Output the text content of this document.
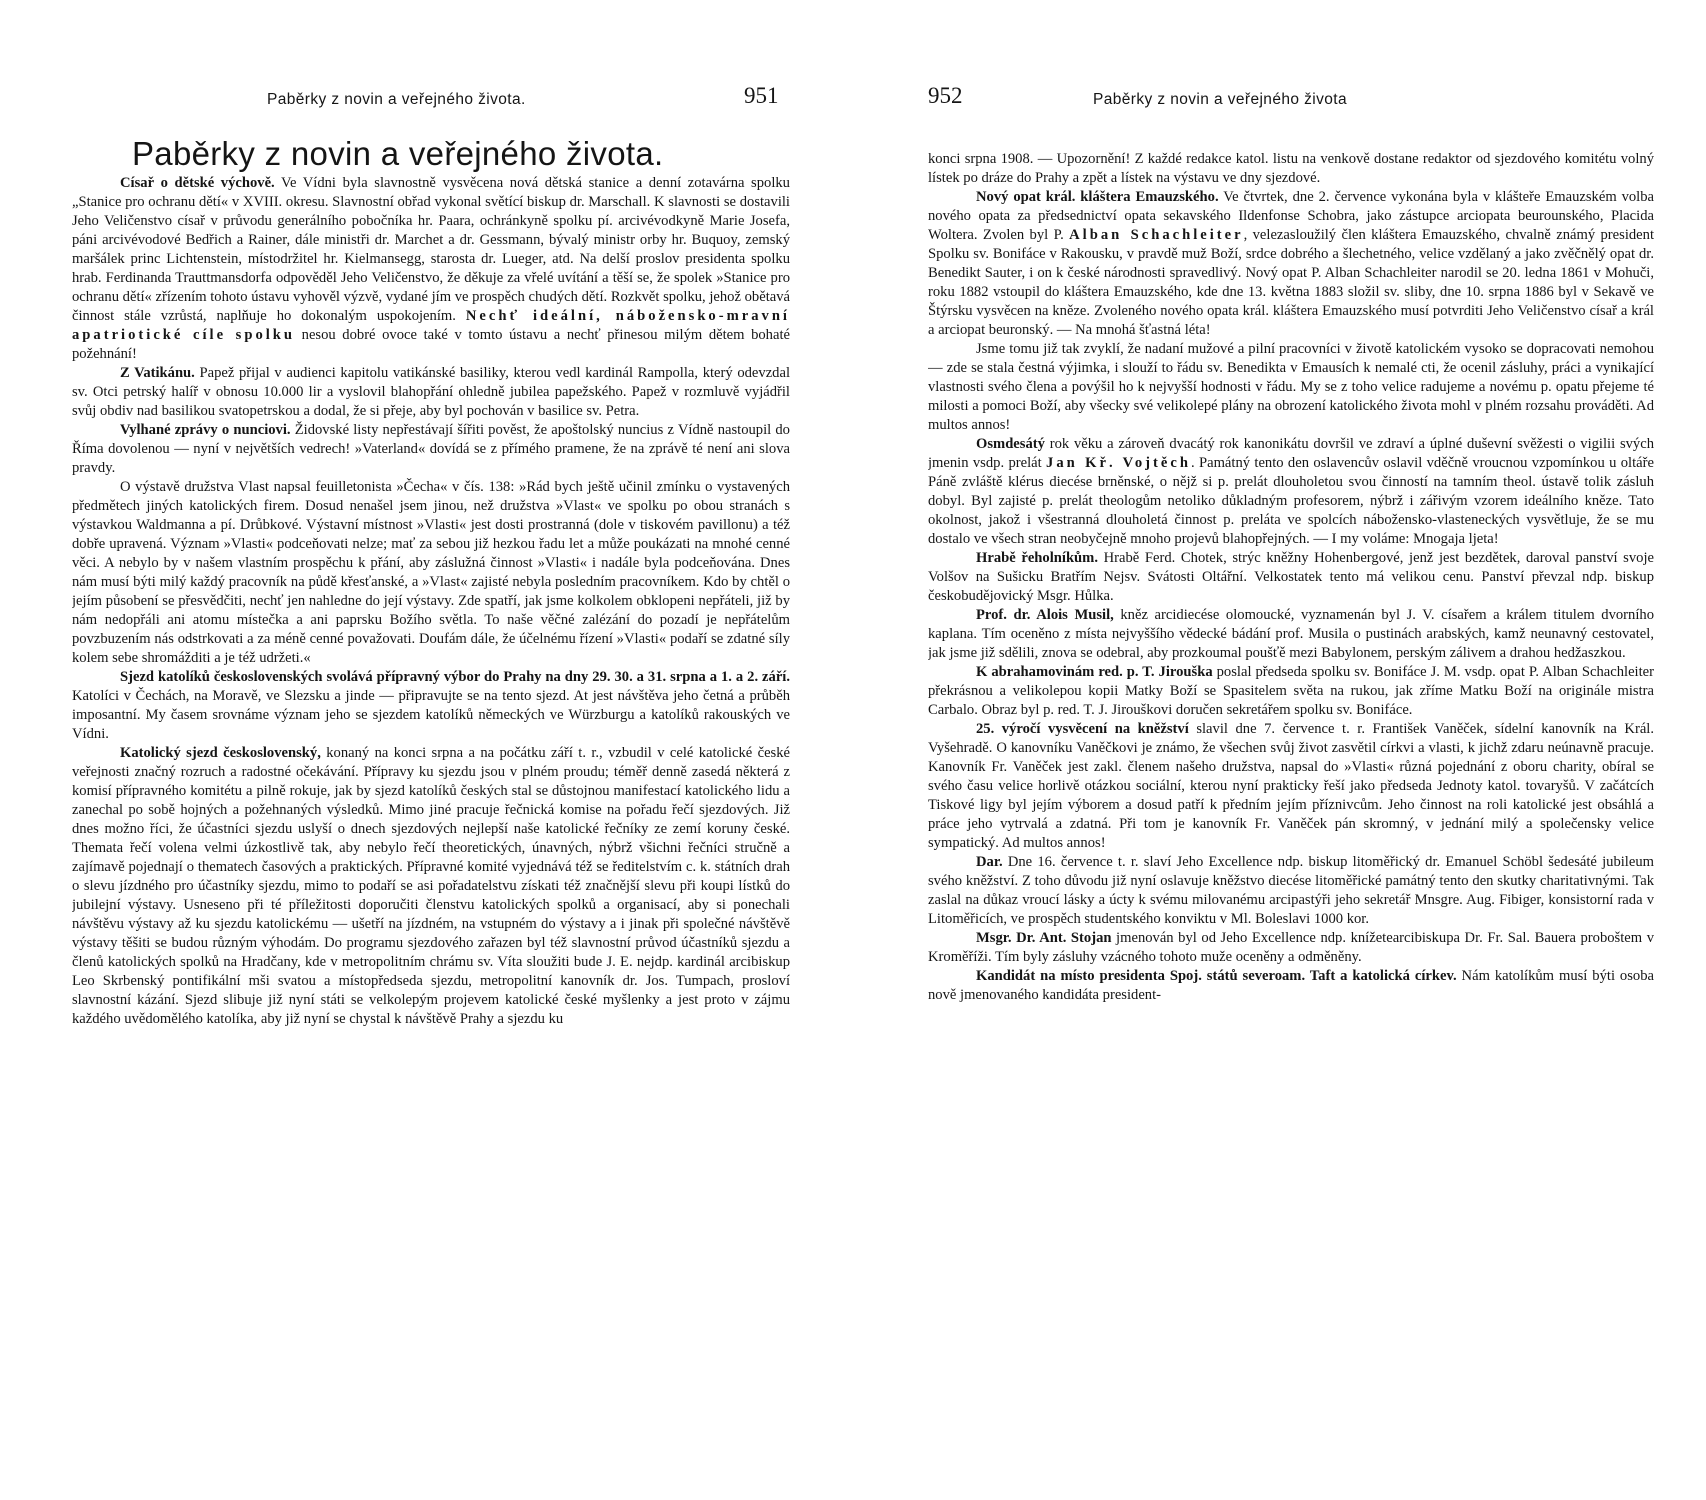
Paběrky z novin a veřejného života.	951
Paběrky z novin a veřejného života.

Císař o dětské výchově. Ve Vídni byla slavnostně vysvěcena nová dětská stanice a denní zotavárna spolku „Stanice pro ochranu dětí« v XVIII. okresu. Slavnostní obřad vykonal světící biskup dr. Marschall. K slavnosti se dostavili Jeho Veličenstvo císař v průvodu generálního pobočníka hr. Paara, ochránkyně spolku pí. arcivévodkyně Marie Josefa, páni arcivévodové Bedřich a Rainer, dále ministři dr. Marchet a dr. Gessmann, bývalý ministr orby hr. Buquoy, zemský maršálek princ Lichtenstein, místodržitel hr. Kielmansegg, starosta dr. Lueger, atd. Na delší proslov presidenta spolku hrab. Ferdinanda Trauttmansdorfa odpověděl Jeho Veličenstvo, že děkuje za vřelé uvítání a těší se, že spolek »Stanice pro ochranu dětí« zřízením tohoto ústavu vyhověl výzvě, vydané jím ve prospěch chudých dětí. Rozkvět spolku, jehož obětavá činnost stále vzrůstá, naplňuje ho dokonalým uspokojením. Nechť ideální, nábožensko-mravní apatriotické cíle spolku nesou dobré ovoce také v tomto ústavu a nechť přinesou milým dětem bohaté požehnání!

Z Vatikánu. Papež přijal v audienci kapitolu vatikánské basiliky, kterou vedl kardinál Rampolla, který odevzdal sv. Otci petrský halíř v obnosu 10.000 lir a vyslovil blahopřání ohledně jubilea papežského. Papež v rozmluvě vyjádřil svůj obdiv nad basilikou svatopetrskou a dodal, že si přeje, aby byl pochován v basilice sv. Petra.

Vylhané zprávy o nunciovi. Židovské listy nepřestávají šířiti pověst, že apoštolský nuncius z Vídně nastoupil do Říma dovolenou — nyní v největších vedrech! »Vaterland« dovídá se z přímého pramene, že na zprávě té není ani slova pravdy.

O výstavě družstva Vlast napsal feuilletonista »Čecha« v čís. 138: »Rád bych ještě učinil zmínku o vystavených předmětech jiných katolických firem. Dosud nenašel jsem jinou, než družstva »Vlast« ve spolku po obou stranách s výstavkou Waldmanna a pí. Drůbkové. Výstavní místnost »Vlasti« jest dosti prostranná (dole v tiskovém pavillonu) a též dobře upravená. Význam »Vlasti« podceňovati nelze; mať za sebou již hezkou řadu let a může poukázati na mnohé cenné věci. A nebylo by v našem vlastním prospěchu k přání, aby záslužná činnost »Vlasti« i nadále byla podceňována. Dnes nám musí býti milý každý pracovník na půdě křesťanské, a »Vlast« zajisté nebyla posledním pracovníkem. Kdo by chtěl o jejím působení se přesvědčiti, nechť jen nahledne do její výstavy. Zde spatří, jak jsme kolkolem obklopeni nepřáteli, již by nám nedopřáli ani atomu místečka a ani paprsku Božího světla. To naše věčné zalézání do pozadí je nepřátelům povzbuzením nás odstrkovati a za méně cenné považovati. Doufám dále, že účelnému řízení »Vlasti« podaří se zdatné síly kolem sebe shromážditi a je též udržeti.«

Sjezd katolíků československých svolává přípravný výbor do Prahy na dny 29. 30. a 31. srpna a 1. a 2. září. Katolíci v Čechách, na Moravě, ve Slezsku a jinde — připravujte se na tento sjezd. At jest návštěva jeho četná a průběh imposantní. My časem srovnáme význam jeho se sjezdem katolíků německých ve Würzburgu a katolíků rakouských ve Vídni.

Katolický sjezd československý, konaný na konci srpna a na počátku září t. r., vzbudil v celé katolické české veřejnosti značný rozruch a radostné očekávání. Přípravy ku sjezdu jsou v plném proudu; téměř denně zasedá některá z komisí přípravného komitétu a pilně rokuje, jak by sjezd katolíků českých stal se důstojnou manifestací katolického lidu a zanechal po sobě hojných a požehnaných výsledků. Mimo jiné pracuje řečnická komise na pořadu řečí sjezdových. Již dnes možno říci, že účastníci sjezdu uslyší o dnech sjezdových nejlepší naše katolické řečníky ze zemí koruny české. Themata řečí volena velmi úzkostlivě tak, aby nebylo řečí theoretických, únavných, nýbrž všichni řečníci stručně a zajímavě pojednají o thematech časových a praktických. Přípravné komité vyjednává též se ředitelstvím c. k. státních drah o slevu jízdného pro účastníky sjezdu, mimo to podaří se asi pořadatelstvu získati též značnější slevu při koupi lístků do jubilejní výstavy. Usneseno při té příležitosti doporučiti členstvu katolických spolků a organisací, aby si ponechali návštěvu výstavy až ku sjezdu katolickému — ušetří na jízdném, na vstupném do výstavy a i jinak při společné návštěvě výstavy těšiti se budou různým výhodám. Do programu sjezdového zařazen byl též slavnostní průvod účastníků sjezdu a členů katolických spolků na Hradčany, kde v metropolitním chrámu sv. Víta sloužiti bude J. E. nejdp. kardinál arcibiskup Leo Skrbenský pontifikální mši svatou a místopředseda sjezdu, metropolitní kanovník dr. Jos. Tumpach, prosloví slavnostní kázání. Sjezd slibuje již nyní státi se velkolepým projevem katolické české myšlenky a jest proto v zájmu každého uvědomělého katolíka, aby již nyní se chystal k návštěvě Prahy a sjezdu ku

952	Paběrky z novin a veřejného života

konci srpna 1908. — Upozornění! Z každé redakce katol. listu na venkově dostane redaktor od sjezdového komitétu volný lístek po dráze do Prahy a zpět a lístek na výstavu ve dny sjezdové.

Nový opat král. kláštera Emauzského. Ve čtvrtek, dne 2. července vykonána byla v klášteře Emauzském volba nového opata za předsednictví opata sekavského Ildenfonse Schobra, jako zástupce arciopata beurounského, Placida Woltera. Zvolen byl P. Alban Schachleiter, velezasloužilý člen kláštera Emauzského, chvalně známý president Spolku sv. Bonifáce v Rakousku, v pravdě muž Boží, srdce dobrého a šlechetného, velice vzdělaný a jako zvěčnělý opat dr. Benedikt Sauter, i on k české národnosti spravedlivý. Nový opat P. Alban Schachleiter narodil se 20. ledna 1861 v Mohuči, roku 1882 vstoupil do kláštera Emauzského, kde dne 13. května 1883 složil sv. sliby, dne 10. srpna 1886 byl v Sekavě ve Štýrsku vysvěcen na kněze. Zvoleného nového opata král. kláštera Emauzského musí potvrditi Jeho Veličenstvo císař a král a arciopat beuronský. — Na mnohá šťastná léta!

Jsme tomu již tak zvyklí, že nadaní mužové a pilní pracovníci v životě katolickém vysoko se dopracovati nemohou — zde se stala čestná výjimka, i slouží to řádu sv. Benedikta v Emausích k nemalé cti, že ocenil zásluhy, práci a vynikající vlastnosti svého člena a povýšil ho k nejvyšší hodnosti v řádu. My se z toho velice radujeme a novému p. opatu přejeme té milosti a pomoci Boží, aby všecky své velikolepé plány na obrození katolického života mohl v plném rozsahu prováděti. Ad multos annos!

Osmdesátý rok věku a zároveň dvacátý rok kanonikátu dovršil ve zdraví a úplné duševní svěžesti o vigilii svých jmenin vsdp. prelát Jan Kř. Vojtěch. Památný tento den oslavencův oslavil vděčně vroucnou vzpomínkou u oltáře Páně zvláště klérus diecése brněnské, o nějž si p. prelát dlouholetou svou činností na tamním theol. ústavě tolik zásluh dobyl. Byl zajisté p. prelát theologům netoliko důkladným profesorem, nýbrž i zářivým vzorem ideálního kněze. Tato okolnost, jakož i všestranná dlouholetá činnost p. preláta ve spolcích nábožensko-vlasteneckých vysvětluje, že se mu dostalo ve všech stran neobyčejně mnoho projevů blahopřejných. — I my voláme: Mnogaja ljeta!

Hrabě řeholníkům. Hrabě Ferd. Chotek, strýc kněžny Hohenbergové, jenž jest bezdětek, daroval panství svoje Volšov na Sušicku Bratřím Nejsv. Svátosti Oltářní. Velkostatek tento má velikou cenu. Panství převzal ndp. biskup českobudějovický Msgr. Hůlka.

Prof. dr. Alois Musil, kněz arcidiecése olomoucké, vyznamenán byl J. V. císařem a králem titulem dvorního kaplana. Tím oceněno z místa nejvyššího vědecké bádání prof. Musila o pustinách arabských, kamž neunavný cestovatel, jak jsme již sdělili, znova se odebral, aby prozkoumal poušťě mezi Babylonem, perským zálivem a drahou hedžaszkou.

K abrahamovinám red. p. T. Jirouška poslal předseda spolku sv. Bonifáce J. M. vsdp. opat P. Alban Schachleiter překrásnou a velikolepou kopii Matky Boží se Spasitelem světa na rukou, jak zříme Matku Boží na originále mistra Carbalo. Obraz byl p. red. T. J. Jirouškovi doručen sekretářem spolku sv. Bonifáce.

25. výročí vysvěcení na kněžství slavil dne 7. července t. r. František Vaněček, sídelní kanovník na Král. Vyšehradě. O kanovníku Vaněčkovi je známo, že všechen svůj život zasvětil církvi a vlasti, k jichž zdaru neúnavně pracuje. Kanovník Fr. Vaněček jest zakl. členem našeho družstva, napsal do »Vlasti« různá pojednání z oboru charity, obíral se svého času velice horlivě otázkou sociální, kterou nyní prakticky řeší jako předseda Jednoty katol. tovaryšů. V začátcích Tiskové ligy byl jejím výborem a dosud patří k předním jejím příznivcům. Jeho činnost na roli katolické jest obsáhlá a práce jeho vytrvalá a zdatná. Při tom je kanovník Fr. Vaněček pán skromný, v jednání milý a společensky velice sympatický. Ad multos annos!

Dar. Dne 16. července t. r. slaví Jeho Excellence ndp. biskup litoměřický dr. Emanuel Schöbl šedesáté jubileum svého kněžství. Z toho důvodu již nyní oslavuje kněžstvo diecése litoměřické památný tento den skutky charitativnými. Tak zaslal na důkaz vroucí lásky a úcty k svému milovanému arcipastýři jeho sekretář Mnsgre. Aug. Fibiger, konsistorní rada v Litoměřicích, ve prospěch studentského konviktu v Ml. Boleslavi 1000 kor.

Msgr. Dr. Ant. Stojan jmenován byl od Jeho Excellence ndp. knížetearcibiskupa Dr. Fr. Sal. Bauera proboštem v Kroměříži. Tím byly zásluhy vzácného tohoto muže oceněny a odměněny.

Kandidát na místo presidenta Spoj. států severoam. Taft a katolická církev. Nám katolíkům musí býti osoba nově jmenovaného kandidáta president-
